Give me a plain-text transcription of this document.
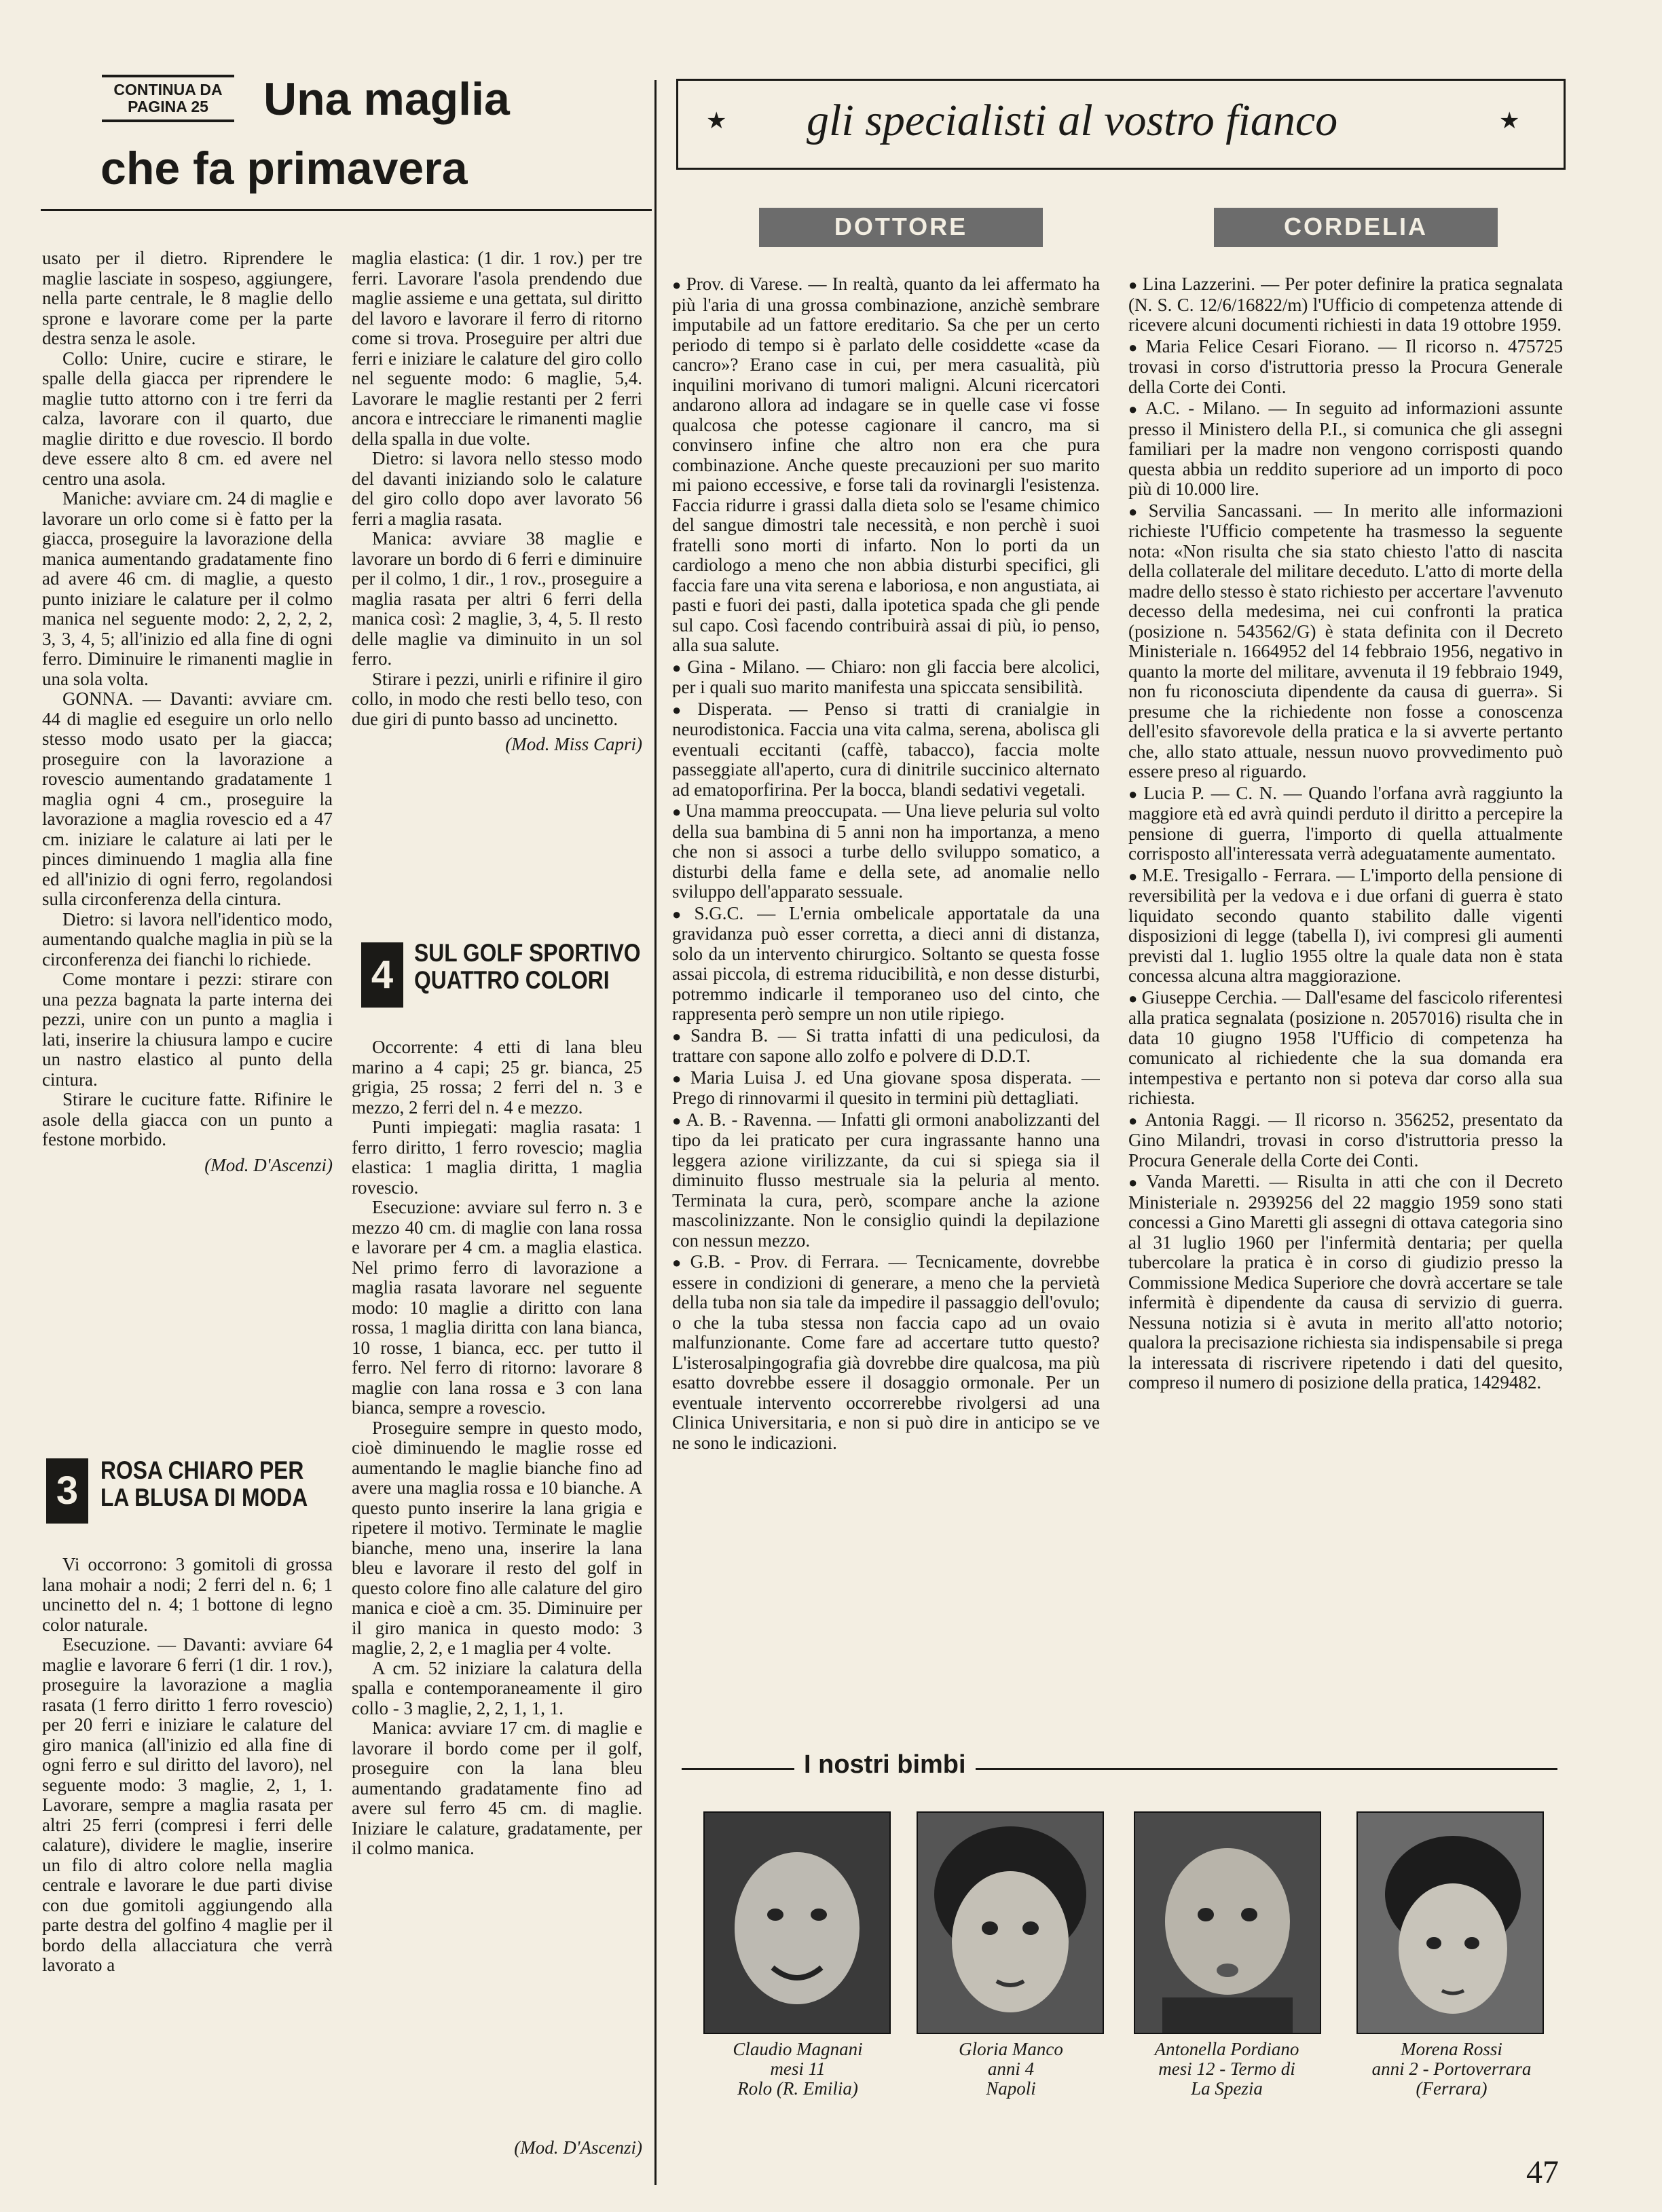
CONTINUA DA PAGINA 25	Una maglia
che fa primavera

usato per il dietro. Riprendere le maglie lasciate in sospeso, aggiungere, nella parte centrale, le 8 maglie dello sprone e lavorare come per la parte destra senza le asole.

Collo: Unire, cucire e stirare, le spalle della giacca per riprendere le maglie tutto attorno con i tre ferri da calza, lavorare con il quarto, due maglie diritto e due rovescio. Il bordo deve essere alto 8 cm. ed avere nel centro una asola.

Maniche: avviare cm. 24 di maglie e lavorare un orlo come si è fatto per la giacca, proseguire la lavorazione della manica aumentando gradatamente fino ad avere 46 cm. di maglie, a questo punto iniziare le calature per il colmo manica nel seguente modo: 2, 2, 2, 2, 3, 3, 4, 5; all'inizio ed alla fine di ogni ferro. Diminuire le rimanenti maglie in una sola volta.

GONNA. — Davanti: avviare cm. 44 di maglie ed eseguire un orlo nello stesso modo usato per la giacca; proseguire con la lavorazione a rovescio aumentando gradatamente 1 maglia ogni 4 cm., proseguire la lavorazione a maglia rovescio ed a 47 cm. iniziare le calature ai lati per le pinces diminuendo 1 maglia alla fine ed all'inizio di ogni ferro, regolandosi sulla circonferenza della cintura.

Dietro: si lavora nell'identico modo, aumentando qualche maglia in più se la circonferenza dei fianchi lo richiede.

Come montare i pezzi: stirare con una pezza bagnata la parte interna dei pezzi, unire con un punto a maglia i lati, inserire la chiusura lampo e cucire un nastro elastico al punto della cintura.

Stirare le cuciture fatte. Rifinire le asole della giacca con un punto a festone morbido.

(Mod. D'Ascenzi)
3 ROSA CHIARO PER LA BLUSA DI MODA

Vi occorrono: 3 gomitoli di grossa lana mohair a nodi; 2 ferri del n. 6; 1 uncinetto del n. 4; 1 bottone di legno color naturale.

Esecuzione. — Davanti: avviare 64 maglie e lavorare 6 ferri (1 dir. 1 rov.), proseguire la lavorazione a maglia rasata (1 ferro diritto 1 ferro rovescio) per 20 ferri e iniziare le calature del giro manica (all'inizio ed alla fine di ogni ferro e sul diritto del lavoro), nel seguente modo: 3 maglie, 2, 1, 1. Lavorare, sempre a maglia rasata per altri 25 ferri (compresi i ferri delle calature), dividere le maglie, inserire un filo di altro colore nella maglia centrale e lavorare le due parti divise con due gomitoli aggiungendo alla parte destra del golfino 4 maglie per il bordo della allacciatura che verrà lavorato a

maglia elastica: (1 dir. 1 rov.) per tre ferri. Lavorare l'asola prendendo due maglie assieme e una gettata, sul diritto del lavoro e lavorare il ferro di ritorno come si trova. Proseguire per altri due ferri e iniziare le calature del giro collo nel seguente modo: 6 maglie, 5,4. Lavorare le maglie restanti per 2 ferri ancora e intrecciare le rimanenti maglie della spalla in due volte.

Dietro: si lavora nello stesso modo del davanti iniziando solo le calature del giro collo dopo aver lavorato 56 ferri a maglia rasata.

Manica: avviare 38 maglie e lavorare un bordo di 6 ferri e diminuire per il colmo, 1 dir., 1 rov., proseguire a maglia rasata per altri 6 ferri della manica così: 2 maglie, 3, 4, 5. Il resto delle maglie va diminuito in un sol ferro.

Stirare i pezzi, unirli e rifinire il giro collo, in modo che resti bello teso, con due giri di punto basso ad uncinetto.

(Mod. Miss Capri)
4 SUL GOLF SPORTIVO QUATTRO COLORI

Occorrente: 4 etti di lana bleu marino a 4 capi; 25 gr. bianca, 25 grigia, 25 rossa; 2 ferri del n. 3 e mezzo, 2 ferri del n. 4 e mezzo.

Punti impiegati: maglia rasata: 1 ferro diritto, 1 ferro rovescio; maglia elastica: 1 maglia diritta, 1 maglia rovescio.

Esecuzione: avviare sul ferro n. 3 e mezzo 40 cm. di maglie con lana rossa e lavorare per 4 cm. a maglia elastica. Nel primo ferro di lavorazione a maglia rasata lavorare nel seguente modo: 10 maglie a diritto con lana rossa, 1 maglia diritta con lana bianca, 10 rosse, 1 bianca, ecc. per tutto il ferro. Nel ferro di ritorno: lavorare 8 maglie con lana rossa e 3 con lana bianca, sempre a rovescio.

Proseguire sempre in questo modo, cioè diminuendo le maglie rosse ed aumentando le maglie bianche fino ad avere una maglia rossa e 10 bianche. A questo punto inserire la lana grigia e ripetere il motivo. Terminate le maglie bianche, meno una, inserire la lana bleu e lavorare il resto del golf in questo colore fino alle calature del giro manica e cioè a cm. 35. Diminuire per il giro manica in questo modo: 3 maglie, 2, 2, e 1 maglia per 4 volte.

A cm. 52 iniziare la calatura della spalla e contemporaneamente il giro collo - 3 maglie, 2, 2, 1, 1, 1.

Manica: avviare 17 cm. di maglie e lavorare il bordo come per il golf, proseguire con la lana bleu aumentando gradatamente fino ad avere sul ferro 45 cm. di maglie. Iniziare le calature, gradatamente, per il colmo manica.

(Mod. D'Ascenzi)
★ gli specialisti al vostro fianco	★
DOTTORE

● Prov. di Varese. — In realtà, quanto da lei affermato ha più l'aria di una grossa combinazione, anzichè sembrare imputabile ad un fattore ereditario. Sa che per un certo periodo di tempo si è parlato delle cosiddette «case da cancro»? Erano case in cui, per mera casualità, più inquilini morivano di tumori maligni. Alcuni ricercatori andarono allora ad indagare se in quelle case vi fosse qualcosa che potesse cagionare il cancro, ma si convinsero infine che altro non era che pura combinazione. Anche queste precauzioni per suo marito mi paiono eccessive, e forse tali da rovinargli l'esistenza. Faccia ridurre i grassi dalla dieta solo se l'esame chimico del sangue dimostri tale necessità, e non perchè i suoi fratelli sono morti di infarto. Non lo porti da un cardiologo a meno che non abbia disturbi specifici, gli faccia fare una vita serena e laboriosa, e non angustiata, ai pasti e fuori dei pasti, dalla ipotetica spada che gli pende sul capo. Così facendo contribuirà assai di più, io penso, alla sua salute.

● Gina - Milano. — Chiaro: non gli faccia bere alcolici, per i quali suo marito manifesta una spiccata sensibilità.

● Disperata. — Penso si tratti di cranialgie in neurodistonica. Faccia una vita calma, serena, abolisca gli eventuali eccitanti (caffè, tabacco), faccia molte passeggiate all'aperto, cura di dinitrile succinico alternato ad ematoporfirina. Per la bocca, blandi sedativi vegetali.

● Una mamma preoccupata. — Una lieve peluria sul volto della sua bambina di 5 anni non ha importanza, a meno che non si associ a turbe dello sviluppo somatico, a disturbi della fame e della sete, ad anomalie nello sviluppo dell'apparato sessuale.

● S.G.C. — L'ernia ombelicale apportatale da una gravidanza può esser corretta, a dieci anni di distanza, solo da un intervento chirurgico. Soltanto se questa fosse assai piccola, di estrema riducibilità, e non desse disturbi, potremmo indicarle il temporaneo uso del cinto, che rappresenta però sempre un non utile ripiego.

● Sandra B. — Si tratta infatti di una pediculosi, da trattare con sapone allo zolfo e polvere di D.D.T.

● Maria Luisa J. ed Una giovane sposa disperata. — Prego di rinnovarmi il quesito in termini più dettagliati.

● A. B. - Ravenna. — Infatti gli ormoni anabolizzanti del tipo da lei praticato per cura ingrassante hanno una leggera azione virilizzante, da cui si spiega sia il diminuito flusso mestruale sia la peluria al mento. Terminata la cura, però, scompare anche la azione mascolinizzante. Non le consiglio quindi la depilazione con nessun mezzo.

● G.B. - Prov. di Ferrara. — Tecnicamente, dovrebbe essere in condizioni di generare, a meno che la pervietà della tuba non sia tale da impedire il passaggio dell'ovulo; o che la tuba stessa non faccia capo ad un ovaio malfunzionante. Come fare ad accertare tutto questo? L'isterosalpingografia già dovrebbe dire qualcosa, ma più esatto dovrebbe essere il dosaggio ormonale. Per un eventuale intervento occorrerebbe rivolgersi ad una Clinica Universitaria, e non si può dire in anticipo se ve ne sono le indicazioni.

CORDELIA

● Lina Lazzerini. — Per poter definire la pratica segnalata (N. S. C. 12/6/16822/m) l'Ufficio di competenza attende di ricevere alcuni documenti richiesti in data 19 ottobre 1959.

● Maria Felice Cesari Fiorano. — Il ricorso n. 475725 trovasi in corso d'istruttoria presso la Procura Generale della Corte dei Conti.

● A.C. - Milano. — In seguito ad informazioni assunte presso il Ministero della P.I., si comunica che gli assegni familiari per la madre non vengono corrisposti quando questa abbia un reddito superiore ad un importo di poco più di 10.000 lire.

● Servilia Sancassani. — In merito alle informazioni richieste l'Ufficio competente ha trasmesso la seguente nota: «Non risulta che sia stato chiesto l'atto di nascita della collaterale del militare deceduto. L'atto di morte della madre dello stesso è stato richiesto per accertare l'avvenuto decesso della medesima, nei cui confronti la pratica (posizione n. 543562/G) è stata definita con il Decreto Ministeriale n. 1664952 del 14 febbraio 1956, negativo in quanto la morte del militare, avvenuta il 19 febbraio 1949, non fu riconosciuta dipendente da causa di guerra». Si presume che la richiedente non fosse a conoscenza dell'esito sfavorevole della pratica e la si avverte pertanto che, allo stato attuale, nessun nuovo provvedimento può essere preso al riguardo.

● Lucia P. — C. N. — Quando l'orfana avrà raggiunto la maggiore età ed avrà quindi perduto il diritto a percepire la pensione di guerra, l'importo di quella attualmente corrisposto all'interessata verrà adeguatamente aumentato.

● M.E. Tresigallo - Ferrara. — L'importo della pensione di reversibilità per la vedova e i due orfani di guerra è stato liquidato secondo quanto stabilito dalle vigenti disposizioni di legge (tabella I), ivi compresi gli aumenti previsti dal 1. luglio 1955 oltre la quale data non è stata concessa alcuna altra maggiorazione.

● Giuseppe Cerchia. — Dall'esame del fascicolo riferentesi alla pratica segnalata (posizione n. 2057016) risulta che in data 10 giugno 1958 l'Ufficio di competenza ha comunicato al richiedente che la sua domanda era intempestiva e pertanto non si poteva dar corso alla sua richiesta.

● Antonia Raggi. — Il ricorso n. 356252, presentato da Gino Milandri, trovasi in corso d'istruttoria presso la Procura Generale della Corte dei Conti.

● Vanda Maretti. — Risulta in atti che con il Decreto Ministeriale n. 2939256 del 22 maggio 1959 sono stati concessi a Gino Maretti gli assegni di ottava categoria sino al 31 luglio 1960 per l'infermità dentaria; per quella tubercolare la pratica è in corso di giudizio presso la Commissione Medica Superiore che dovrà accertare se tale infermità è dipendente da causa di servizio di guerra. Nessuna notizia si è avuta in merito all'atto notorio; qualora la precisazione richiesta sia indispensabile si prega la interessata di riscrivere ripetendo i dati del quesito, compreso il numero di posizione della pratica, 1429482.

I nostri bimbi
Claudio Magnani
mesi 11
Rolo (R. Emilia)
Gloria Manco
anni 4
Napoli
Antonella Pordiano
mesi 12 - Termo di
La Spezia
Morena Rossi
anni 2 - Portoverrara
(Ferrara)
47
